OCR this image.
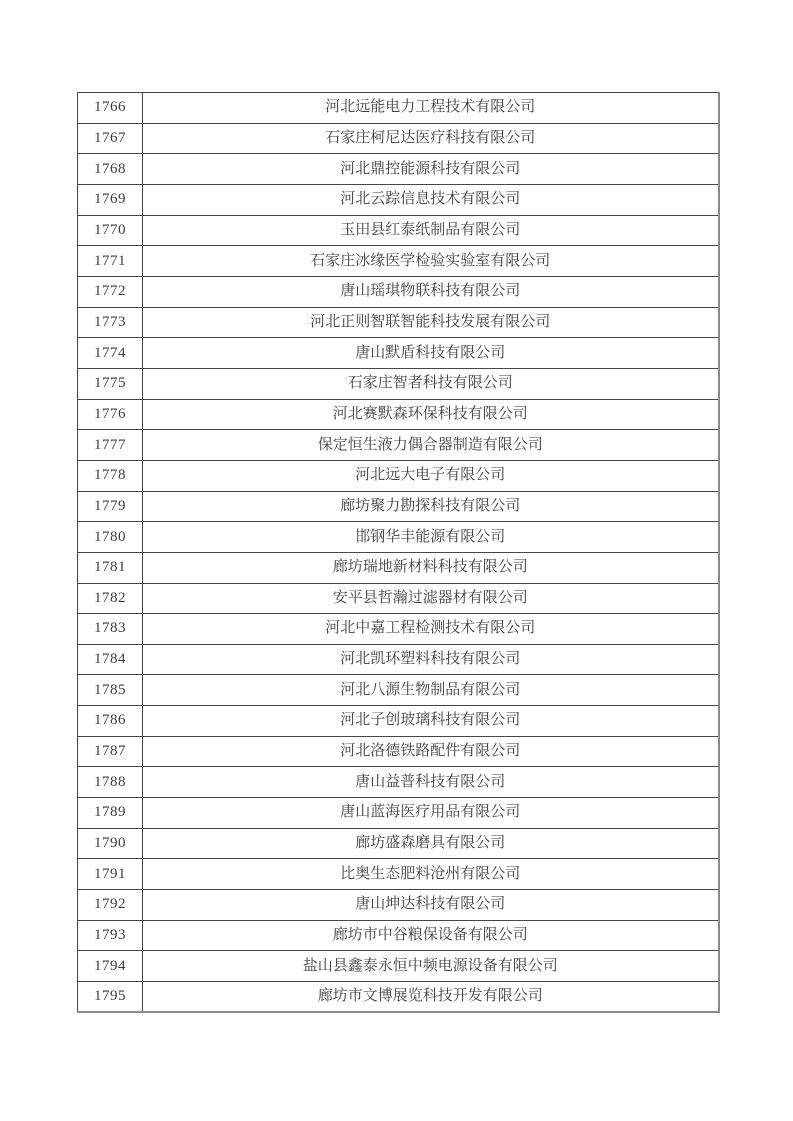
1766	河北远能电力工程技术有限公司
1767	石家庄柯尼达医疗科技有限公司
1768	河北鼎控能源科技有限公司
1769	河北云踪信息技术有限公司
1770	玉田县红泰纸制品有限公司
1771	石家庄冰缘医学检验实验室有限公司
1772	唐山瑶琪物联科技有限公司
1773	河北正则智联智能科技发展有限公司
1774	唐山默盾科技有限公司
1775	石家庄智者科技有限公司
1776	河北赛默森环保科技有限公司
1777	保定恒生液力偶合器制造有限公司
1778	河北远大电子有限公司
1779	廊坊聚力勘探科技有限公司
1780	邯钢华丰能源有限公司
1781	廊坊瑞地新材料科技有限公司
1782	安平县哲瀚过滤器材有限公司
1783	河北中嘉工程检测技术有限公司
1784	河北凯环塑料科技有限公司
1785	河北八源生物制品有限公司
1786	河北子创玻璃科技有限公司
1787	河北洛德铁路配件有限公司
1788	唐山益普科技有限公司
1789	唐山蓝海医疗用品有限公司
1790	廊坊盛森磨具有限公司
1791	比奥生态肥料沧州有限公司
1792	唐山坤达科技有限公司
1793	廊坊市中谷粮保设备有限公司
1794	盐山县鑫泰永恒中频电源设备有限公司
1795	廊坊市文博展览科技开发有限公司
